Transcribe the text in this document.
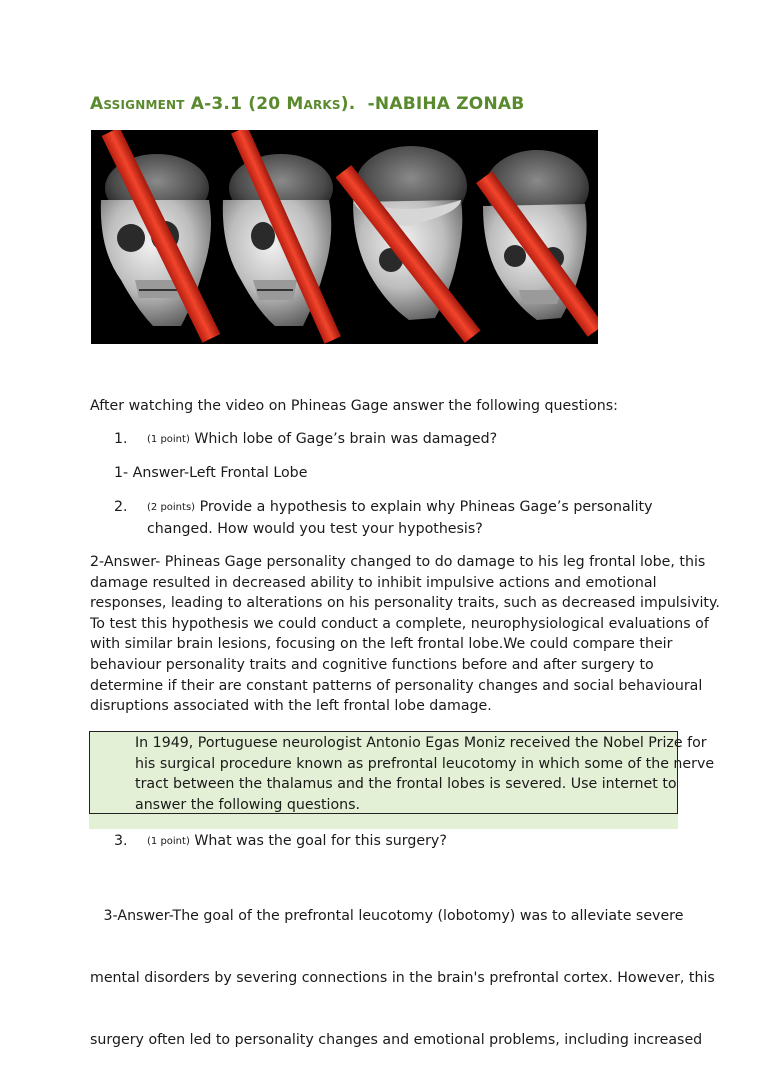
Assignment A-3.1 (20 Marks). -NABIHA ZONAB
After watching the video on Phineas Gage answer the following questions:
1. (1 point) Which lobe of Gage’s brain was damaged?
1- Answer-Left Frontal Lobe
2. (2 points) Provide a hypothesis to explain why Phineas Gage’s personality
changed. How would you test your hypothesis?
2-Answer- Phineas Gage personality changed to do damage to his leg frontal lobe, this
damage resulted in decreased ability to inhibit impulsive actions and emotional
responses, leading to alterations on his personality traits, such as decreased impulsivity.
To test this hypothesis we could conduct a complete, neurophysiological evaluations of
with similar brain lesions, focusing on the left frontal lobe.We could compare their
behaviour personality traits and cognitive functions before and after surgery to
determine if their are constant patterns of personality changes and social behavioural
disruptions associated with the left frontal lobe damage.
In 1949, Portuguese neurologist Antonio Egas Moniz received the Nobel Prize for
his surgical procedure known as prefrontal leucotomy in which some of the nerve
tract between the thalamus and the frontal lobes is severed. Use internet to
answer the following questions.
3. (1 point) What was the goal for this surgery?

3-Answer-The goal of the prefrontal leucotomy (lobotomy) was to alleviate severe

mental disorders by severing connections in the brain's prefrontal cortex. However, this

surgery often led to personality changes and emotional problems, including increased
